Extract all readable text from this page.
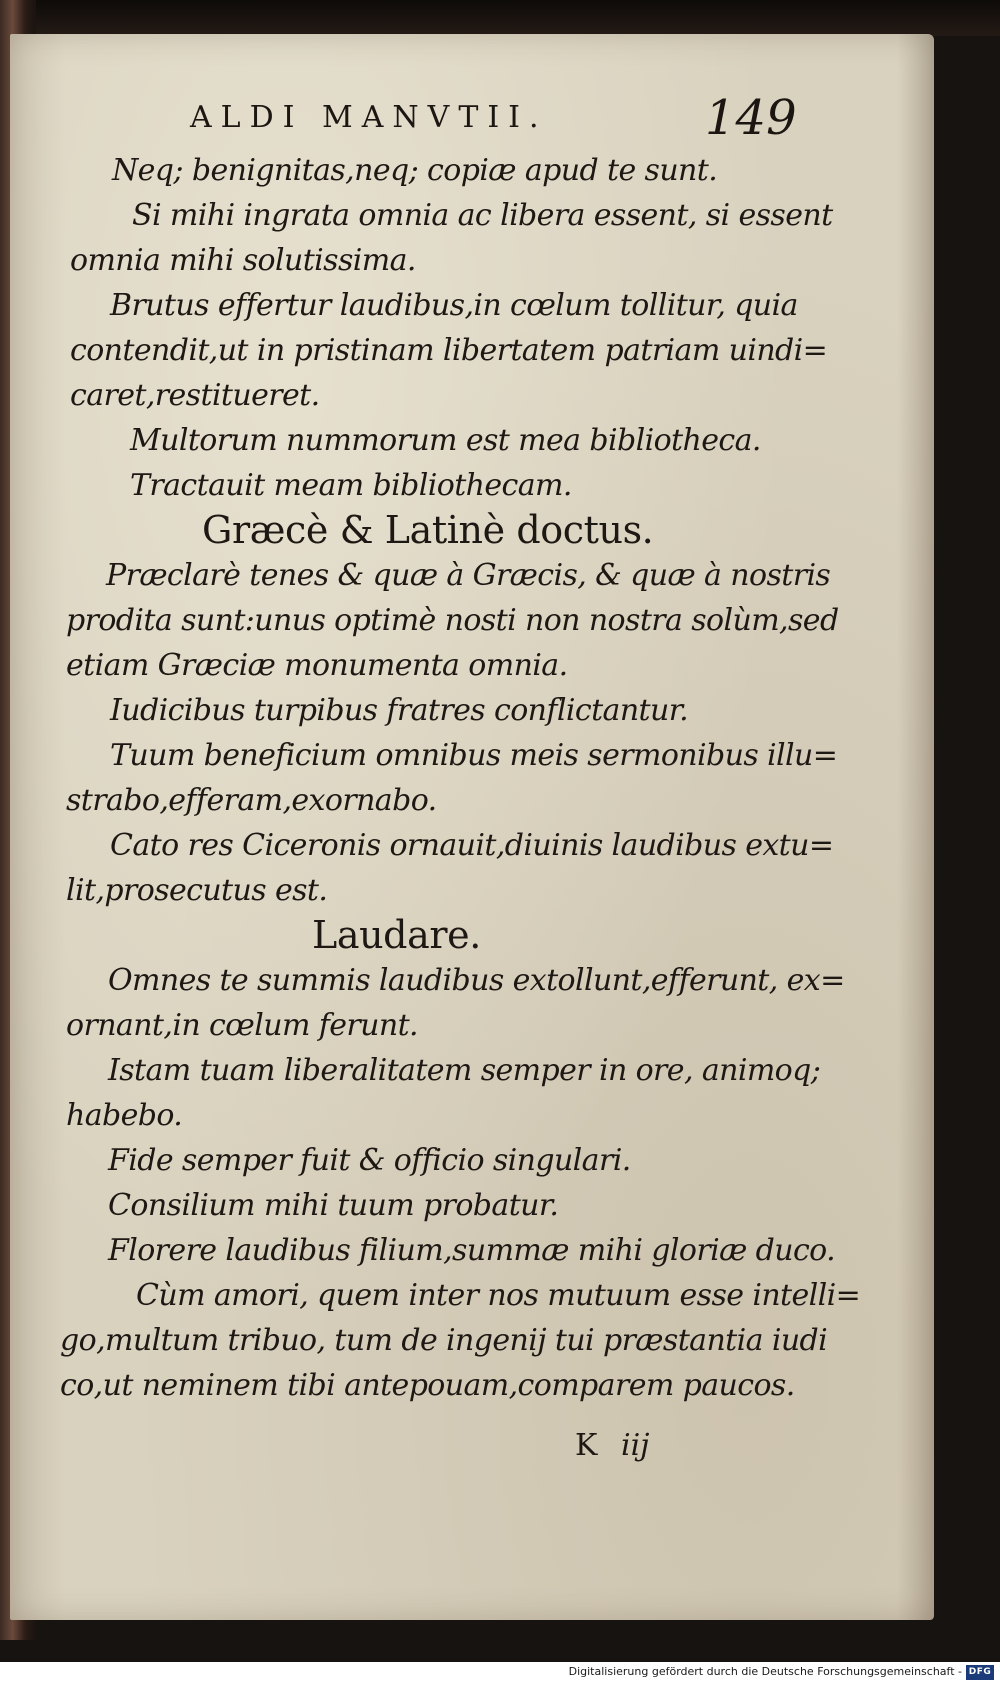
ALDI MANVTII.	149
Neq; benignitas,neq; copiæ apud te sunt.
Si mihi ingrata omnia ac libera essent, si essent
omnia mihi solutissima.
Brutus effertur laudibus,in cœlum tollitur, quia
contendit,ut in pristinam libertatem patriam uindi=
caret,restitueret.
Multorum nummorum est mea bibliotheca.
Tractauit meam bibliothecam.
Græcè & Latinè doctus.
Præclarè tenes & quæ à Græcis, & quæ à nostris
prodita sunt:unus optimè nosti non nostra solùm,sed
etiam Græciæ monumenta omnia.
Iudicibus turpibus fratres conflictantur.
Tuum beneficium omnibus meis sermonibus illu=
strabo,efferam,exornabo.
Cato res Ciceronis ornauit,diuinis laudibus extu=
lit,prosecutus est.
Laudare.
Omnes te summis laudibus extollunt,efferunt, ex=
ornant,in cœlum ferunt.
Istam tuam liberalitatem semper in ore, animoq;
habebo.
Fide semper fuit & officio singulari.
Consilium mihi tuum probatur.
Florere laudibus filium,summæ mihi gloriæ duco.
Cùm amori, quem inter nos mutuum esse intelli=
go,multum tribuo, tum de ingenij tui præstantia iudi
co,ut neminem tibi antepouam,comparem paucos.
K iij
Digitalisierung gefördert durch die Deutsche Forschungsgemeinschaft - DFG
